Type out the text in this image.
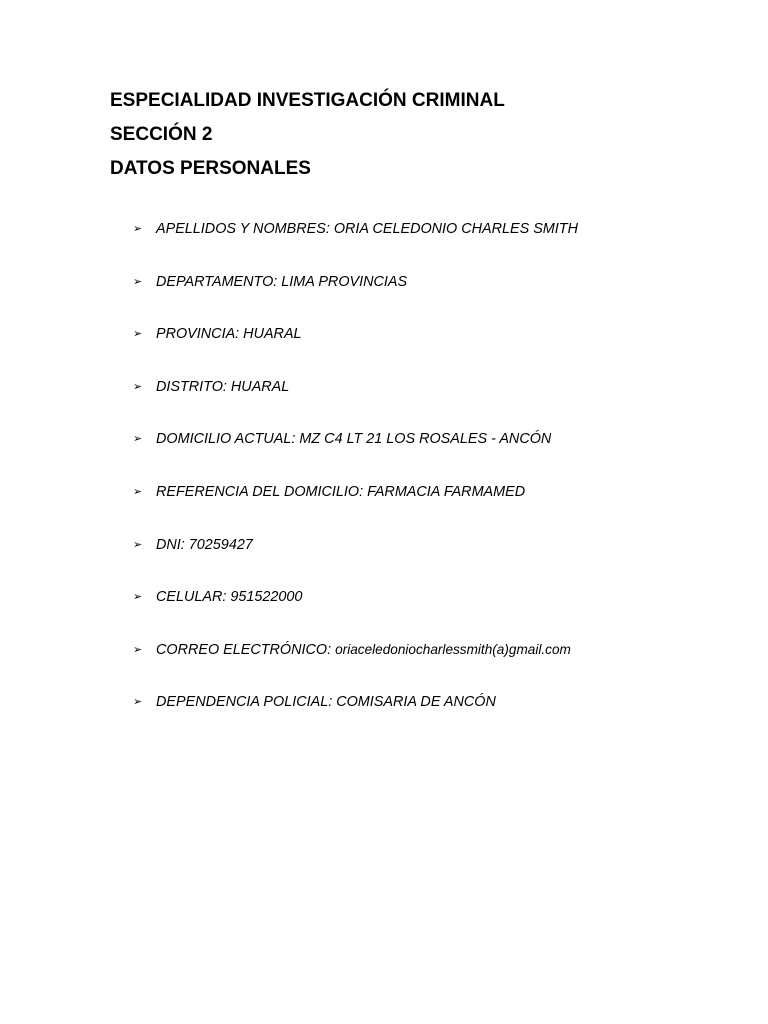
ESPECIALIDAD INVESTIGACIÓN CRIMINAL
SECCIÓN 2
DATOS PERSONALES
➢ APELLIDOS Y NOMBRES: ORIA CELEDONIO CHARLES SMITH
➢ DEPARTAMENTO: LIMA PROVINCIAS
➢ PROVINCIA: HUARAL
➢ DISTRITO: HUARAL
➢ DOMICILIO ACTUAL: MZ C4 LT 21 LOS ROSALES - ANCÓN
➢ REFERENCIA DEL DOMICILIO: FARMACIA FARMAMED
➢ DNI: 70259427
➢ CELULAR: 951522000
➢ CORREO ELECTRÓNICO: oriaceledoniocharlessmith(a)gmail.com
➢ DEPENDENCIA POLICIAL: COMISARIA DE ANCÓN
